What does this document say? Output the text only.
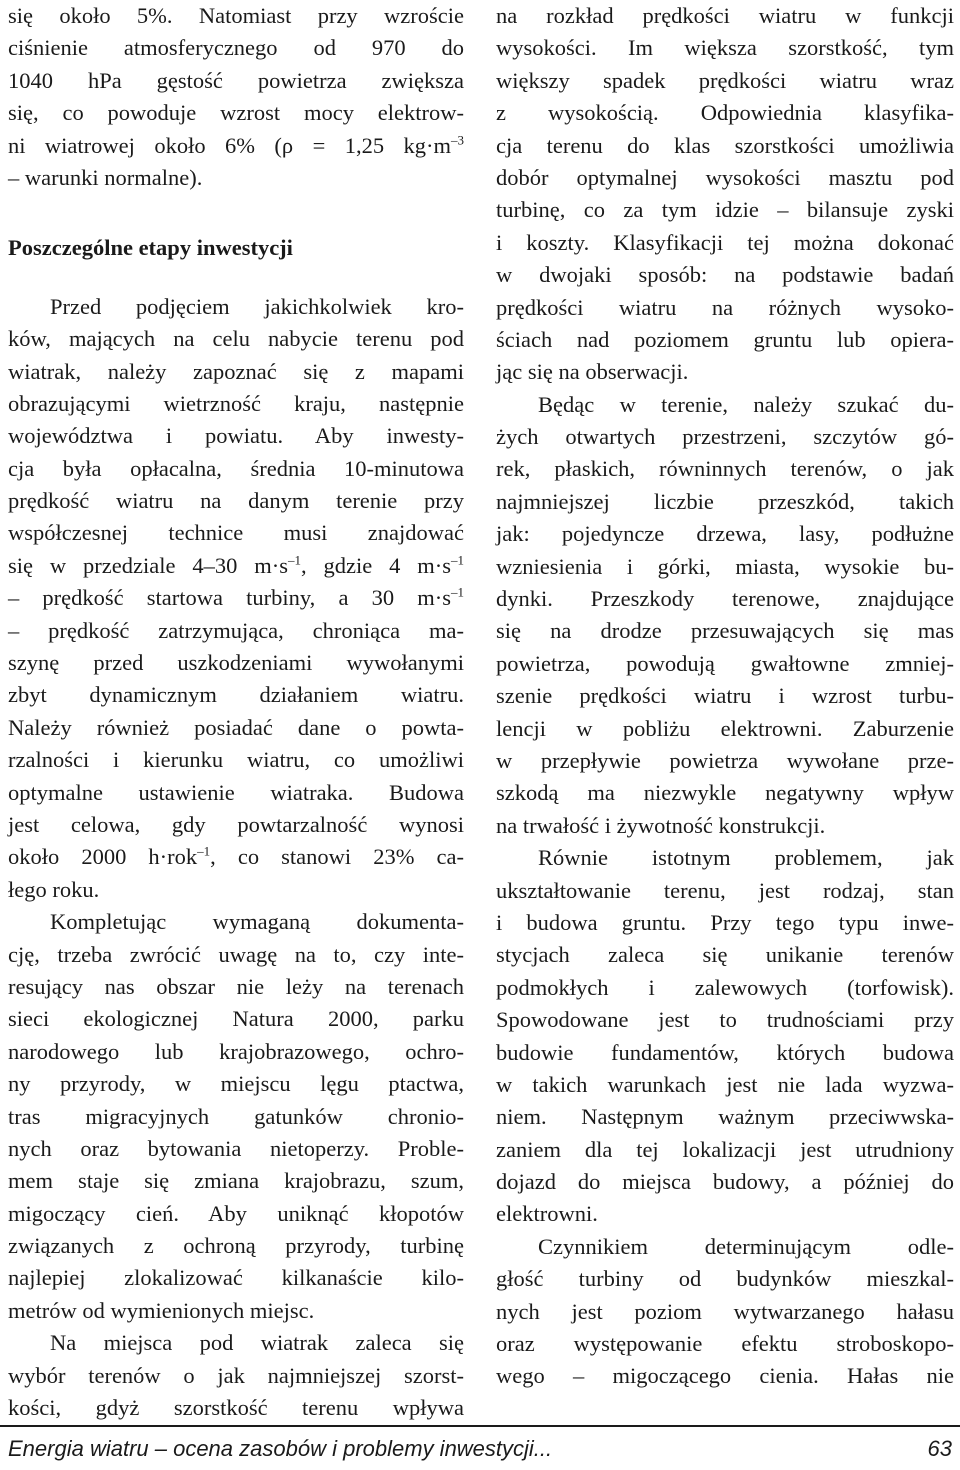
się około 5%. Natomiast przy wzroście
ciśnienie atmosferycznego od 970 do
1040 hPa gęstość powietrza zwiększa
się, co powoduje wzrost mocy elektrow-
ni wiatrowej około 6% (ρ = 1,25 $kg\cdot m^{-3}$
– warunki normalne).
Poszczególne etapy inwestycji
Przed podjęciem jakichkolwiek kro-
ków, mających na celu nabycie terenu pod
wiatrak, należy zapoznać się z mapami
obrazującymi wietrzność kraju, następnie
województwa i powiatu. Aby inwesty-
cja była opłacalna, średnia 10-minutowa
prędkość wiatru na danym terenie przy
współczesnej technice musi znajdować
się w przedziale 4–30 $m\cdot s^{-1}$, gdzie 4 $m\cdot s^{-1}$
– prędkość startowa turbiny, a 30 $m\cdot s^{-1}$
– prędkość zatrzymująca, chroniąca ma-
szynę przed uszkodzeniami wywołanymi
zbyt dynamicznym działaniem wiatru.
Należy również posiadać dane o powta-
rzalności i kierunku wiatru, co umożliwi
optymalne ustawienie wiatraka. Budowa
jest celowa, gdy powtarzalność wynosi
około 2000 h·rok$^{-1}$, co stanowi 23% ca-
łego roku.
Kompletując wymaganą dokumenta-
cję, trzeba zwrócić uwagę na to, czy inte-
resujący nas obszar nie leży na terenach
sieci ekologicznej Natura 2000, parku
narodowego lub krajobrazowego, ochro-
ny przyrody, w miejscu lęgu ptactwa,
tras migracyjnych gatunków chronio-
nych oraz bytowania nietoperzy. Proble-
mem staje się zmiana krajobrazu, szum,
migoczący cień. Aby uniknąć kłopotów
związanych z ochroną przyrody, turbinę
najlepiej zlokalizować kilkanaście kilo-
metrów od wymienionych miejsc.
Na miejsca pod wiatrak zaleca się
wybór terenów o jak najmniejszej szorst-
kości, gdyż szorstkość terenu wpływa
na rozkład prędkości wiatru w funkcji
wysokości. Im większa szorstkość, tym
większy spadek prędkości wiatru wraz
z wysokością. Odpowiednia klasyfika-
cja terenu do klas szorstkości umożliwia
dobór optymalnej wysokości masztu pod
turbinę, co za tym idzie – bilansuje zyski
i koszty. Klasyfikacji tej można dokonać
w dwojaki sposób: na podstawie badań
prędkości wiatru na różnych wysoko-
ściach nad poziomem gruntu lub opiera-
jąc się na obserwacji.
Będąc w terenie, należy szukać du-
żych otwartych przestrzeni, szczytów gó-
rek, płaskich, równinnych terenów, o jak
najmniejszej liczbie przeszkód, takich
jak: pojedyncze drzewa, lasy, podłużne
wzniesienia i górki, miasta, wysokie bu-
dynki. Przeszkody terenowe, znajdujące
się na drodze przesuwających się mas
powietrza, powodują gwałtowne zmniej-
szenie prędkości wiatru i wzrost turbu-
lencji w pobliżu elektrowni. Zaburzenie
w przepływie powietrza wywołane prze-
szkodą ma niezwykle negatywny wpływ
na trwałość i żywotność konstrukcji.
Równie istotnym problemem, jak
ukształtowanie terenu, jest rodzaj, stan
i budowa gruntu. Przy tego typu inwe-
stycjach zaleca się unikanie terenów
podmokłych i zalewowych (torfowisk).
Spowodowane jest to trudnościami przy
budowie fundamentów, których budowa
w takich warunkach jest nie lada wyzwa-
niem. Następnym ważnym przeciwwska-
zaniem dla tej lokalizacji jest utrudniony
dojazd do miejsca budowy, a później do
elektrowni.
Czynnikiem determinującym odle-
głość turbiny od budynków mieszkal-
nych jest poziom wytwarzanego hałasu
oraz występowanie efektu stroboskopo-
wego – migoczącego cienia. Hałas nie
Energia wiatru – ocena zasobów i problemy inwestycji...	63
